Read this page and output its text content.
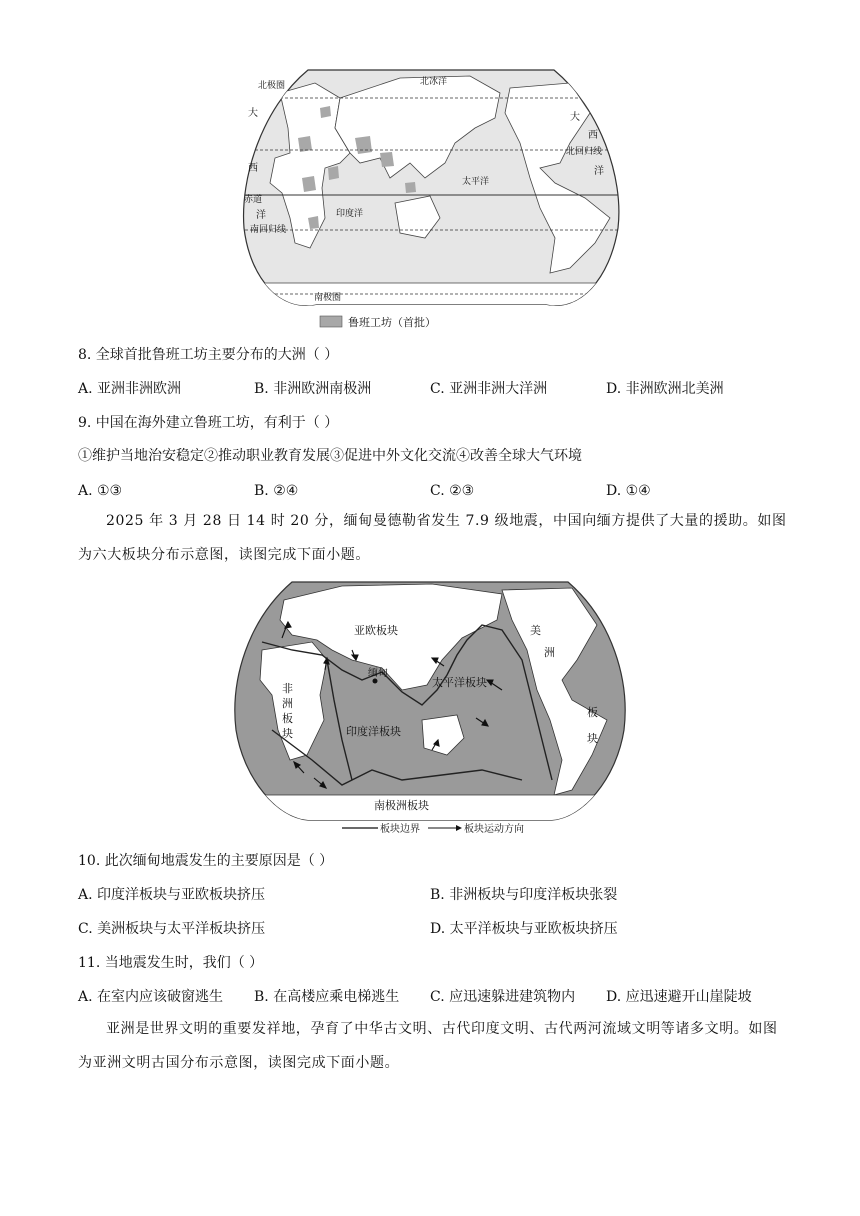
北极圈	北冰洋
大
西
赤道
洋
南回归线
印度洋
太平洋
大
西
北回归线
洋
南极圈
鲁班工坊（首批）
8. 全球首批鲁班工坊主要分布的大洲（ ）
A. 亚洲非洲欧洲	B. 非洲欧洲南极洲	C. 亚洲非洲大洋洲	D. 非洲欧洲北美洲
9. 中国在海外建立鲁班工坊，有利于（ ）
①维护当地治安稳定②推动职业教育发展③促进中外文化交流④改善全球大气环境
A. ①③	B. ②④	C. ②③	D. ①④
2025 年 3 月 28 日 14 时 20 分，缅甸曼德勒省发生 7.9 级地震，中国向缅方提供了大量的援助。如图为六大板块分布示意图，读图完成下面小题。
亚欧板块
缅甸
太平洋板块
非
洲
板
块	印度洋板块
美
洲
板
块
南极洲板块
板块边界	板块运动方向
10. 此次缅甸地震发生的主要原因是（ ）
A. 印度洋板块与亚欧板块挤压	B. 非洲板块与印度洋板块张裂
C. 美洲板块与太平洋板块挤压	D. 太平洋板块与亚欧板块挤压
11. 当地震发生时，我们（ ）
A. 在室内应该破窗逃生 B. 在高楼应乘电梯逃生 C. 应迅速躲进建筑物内 D. 应迅速避开山崖陡坡
亚洲是世界文明的重要发祥地，孕育了中华古文明、古代印度文明、古代两河流域文明等诸多文明。如图为亚洲文明古国分布示意图，读图完成下面小题。
